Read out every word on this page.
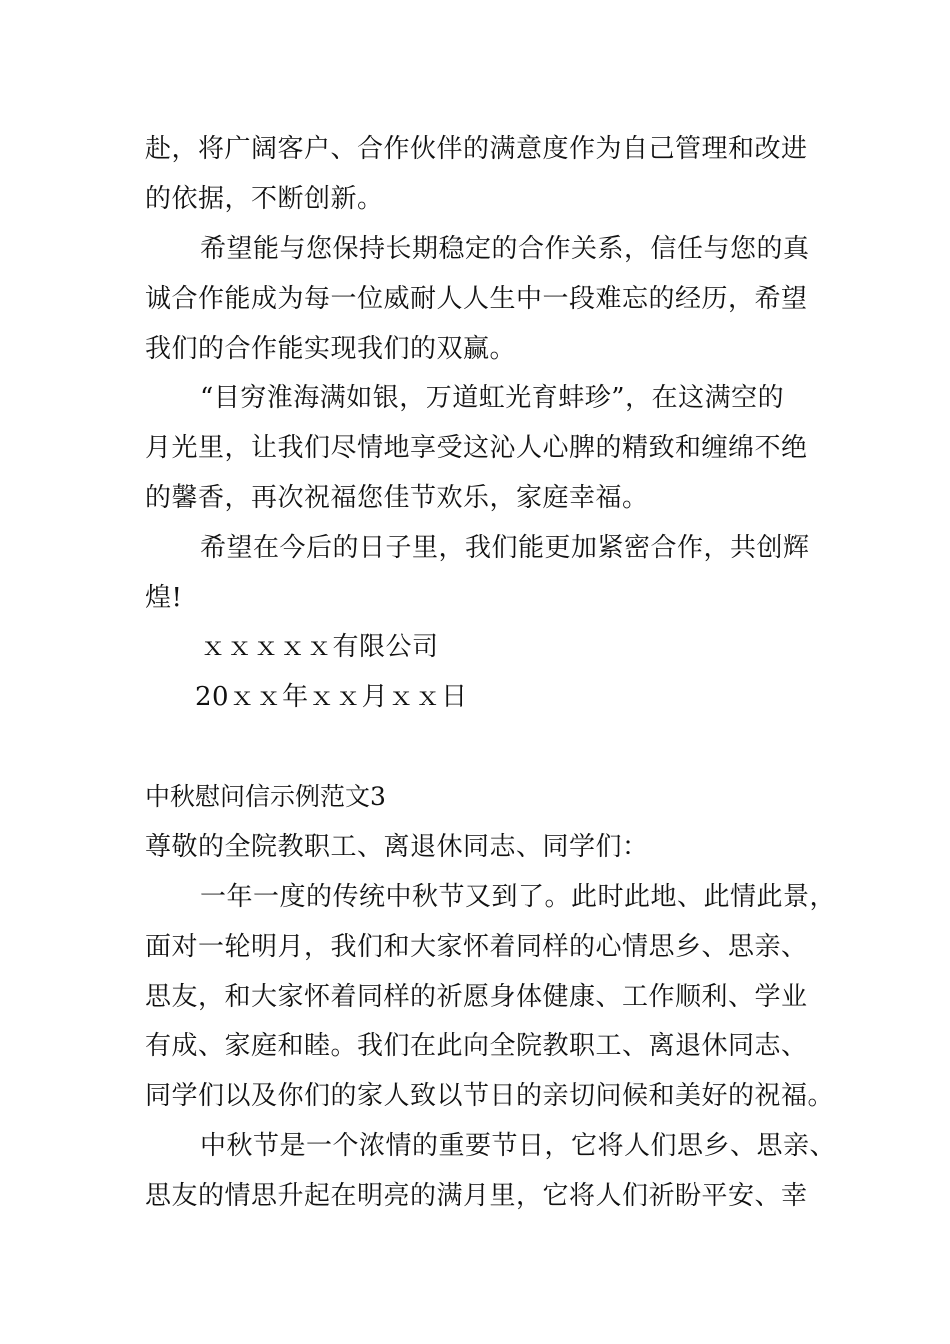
赴，将广阔客户、合作伙伴的满意度作为自己管理和改进
的依据，不断创新。
希望能与您保持长期稳定的合作关系，信任与您的真
诚合作能成为每一位威耐人人生中一段难忘的经历，希望
我们的合作能实现我们的双赢。
“目穷淮海满如银，万道虹光育蚌珍”，在这满空的
月光里，让我们尽情地享受这沁人心脾的精致和缠绵不绝
的馨香，再次祝福您佳节欢乐，家庭幸福。
希望在今后的日子里，我们能更加紧密合作，共创辉
煌!
ｘｘｘｘｘ有限公司
20ｘｘ年ｘｘ月ｘｘ日
中秋慰问信示例范文3
尊敬的全院教职工、离退休同志、同学们：
一年一度的传统中秋节又到了。此时此地、此情此景，
面对一轮明月，我们和大家怀着同样的心情思乡、思亲、
思友，和大家怀着同样的祈愿身体健康、工作顺利、学业
有成、家庭和睦。我们在此向全院教职工、离退休同志、
同学们以及你们的家人致以节日的亲切问候和美好的祝福。
中秋节是一个浓情的重要节日，它将人们思乡、思亲、
思友的情思升起在明亮的满月里，它将人们祈盼平安、幸
